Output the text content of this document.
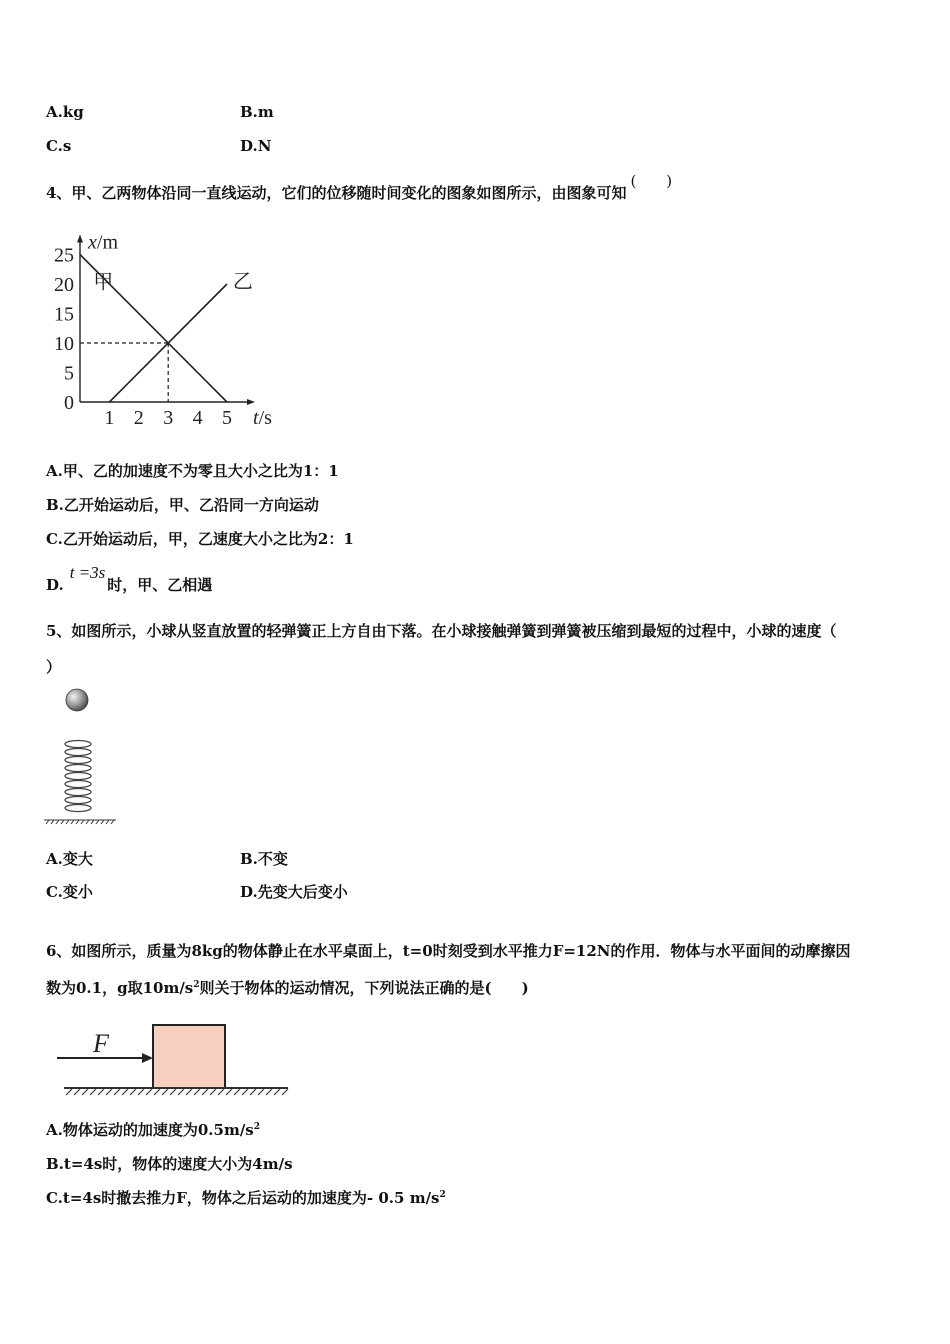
A.kg	B.m
C.s	D.N
4、甲、乙两物体沿同一直线运动，它们的位移随时间变化的图象如图所示，由图象可知(　　)
0
5
10
15
20
25
1 2 3 4 5
x/m
t/s
甲	乙
A.甲、乙的加速度不为零且大小之比为1：1
B.乙开始运动后，甲、乙沿同一方向运动
C.乙开始运动后，甲，乙速度大小之比为2：1
D.t =3s时，甲、乙相遇
5、如图所示，小球从竖直放置的轻弹簧正上方自由下落。在小球接触弹簧到弹簧被压缩到最短的过程中，小球的速度（
）
A.变大	B.不变
C.变小	D.先变大后变小
6、如图所示，质量为8kg的物体静止在水平桌面上，t=0时刻受到水平推力F=12N的作用．物体与水平面间的动摩擦因
数为0.1，g取$10m/s^2$则关于物体的运动情况，下列说法正确的是(　　)
F
A.物体运动的加速度为$0.5m/s^2$
B.t=4s时，物体的速度大小为4m/s
C.t=4s时撤去推力F，物体之后运动的加速度为- 0.5 $m/s^2$
